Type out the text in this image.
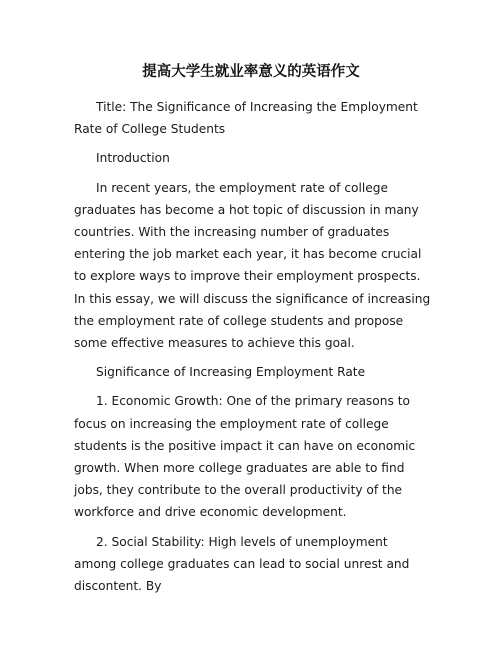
提高大学生就业率意义的英语作文

Title: The Significance of Increasing the Employment Rate of College Students

Introduction

In recent years, the employment rate of college graduates has become a hot topic of discussion in many countries. With the increasing number of graduates entering the job market each year, it has become crucial to explore ways to improve their employment prospects. In this essay, we will discuss the significance of increasing the employment rate of college students and propose some effective measures to achieve this goal.

Significance of Increasing Employment Rate

1. Economic Growth: One of the primary reasons to focus on increasing the employment rate of college students is the positive impact it can have on economic growth. When more college graduates are able to find jobs, they contribute to the overall productivity of the workforce and drive economic development.

2. Social Stability: High levels of unemployment among college graduates can lead to social unrest and discontent. By
